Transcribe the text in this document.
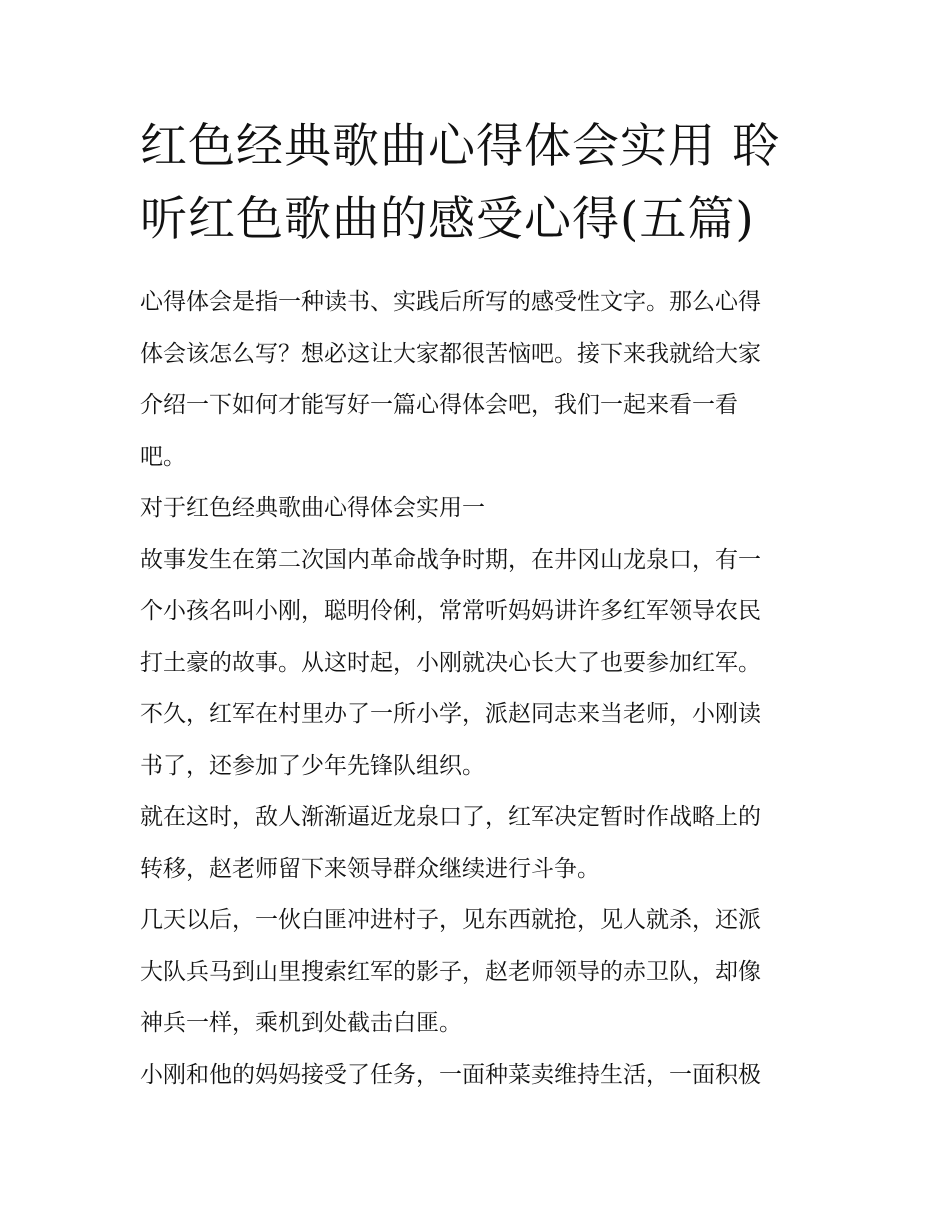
红色经典歌曲心得体会实用 聆
听红色歌曲的感受心得(五篇)

心得体会是指一种读书、实践后所写的感受性文字。那么心得
体会该怎么写？想必这让大家都很苦恼吧。接下来我就给大家
介绍一下如何才能写好一篇心得体会吧，我们一起来看一看
吧。

对于红色经典歌曲心得体会实用一

故事发生在第二次国内革命战争时期，在井冈山龙泉口，有一
个小孩名叫小刚，聪明伶俐，常常听妈妈讲许多红军领导农民
打土豪的故事。从这时起，小刚就决心长大了也要参加红军。
不久，红军在村里办了一所小学，派赵同志来当老师，小刚读
书了，还参加了少年先锋队组织。

就在这时，敌人渐渐逼近龙泉口了，红军决定暂时作战略上的
转移，赵老师留下来领导群众继续进行斗争。

几天以后，一伙白匪冲进村子，见东西就抢，见人就杀，还派
大队兵马到山里搜索红军的影子，赵老师领导的赤卫队，却像
神兵一样，乘机到处截击白匪。

小刚和他的妈妈接受了任务，一面种菜卖维持生活，一面积极
